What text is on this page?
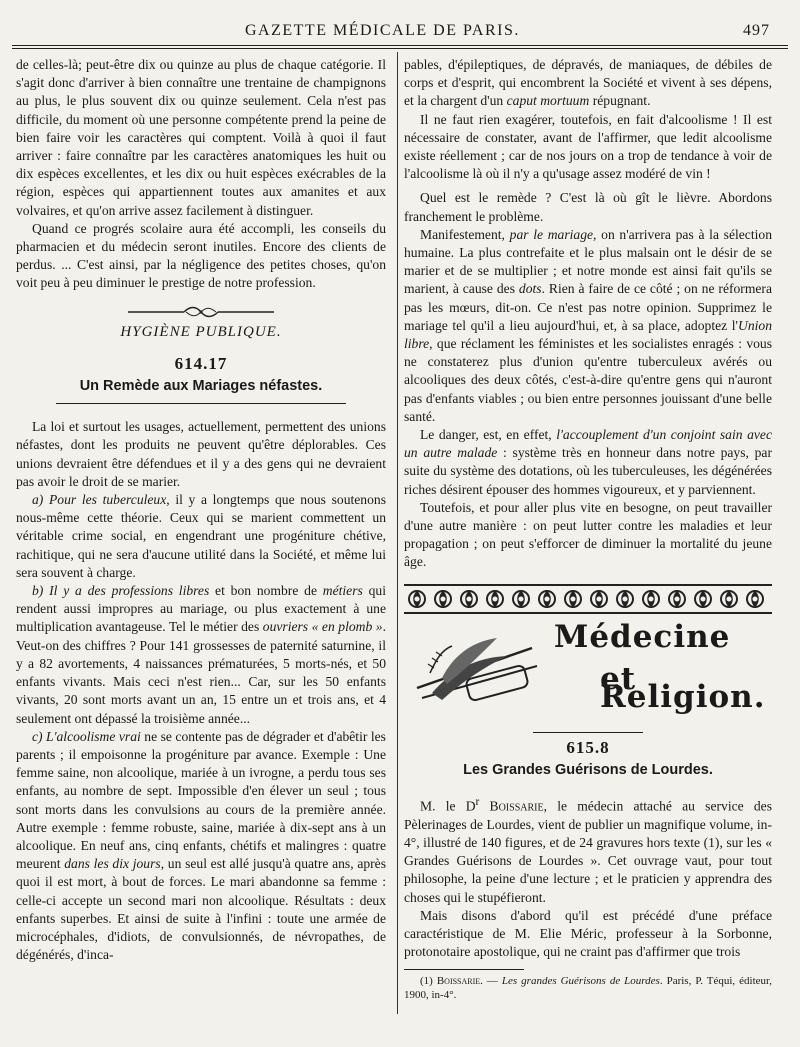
GAZETTE MÉDICALE DE PARIS.	497

de celles-là; peut-être dix ou quinze au plus de chaque catégorie. Il s'agit donc d'arriver à bien connaître une trentaine de champignons au plus, le plus souvent dix ou quinze seulement. Cela n'est pas difficile, du moment où une personne compétente prend la peine de bien faire voir les caractères qui comptent. Voilà à quoi il faut arriver : faire connaître par les caractères anatomiques les huit ou dix espèces excellentes, et les dix ou huit espèces exécrables de la région, espèces qui appartiennent toutes aux amanites et aux volvaires, et qu'on arrive assez facilement à distinguer.

Quand ce progrés scolaire aura été accompli, les conseils du pharmacien et du médecin seront inutiles. Encore des clients de perdus. ... C'est ainsi, par la négligence des petites choses, qu'on voit peu à peu diminuer le prestige de notre profession.

HYGIÈNE PUBLIQUE.
614.17
Un Remède aux Mariages néfastes.

La loi et surtout les usages, actuellement, permettent des unions néfastes, dont les produits ne peuvent qu'être déplorables. Ces unions devraient être défendues et il y a des gens qui ne devraient pas avoir le droit de se marier.

a) Pour les tuberculeux, il y a longtemps que nous soutenons nous-même cette théorie. Ceux qui se marient commettent un véritable crime social, en engendrant une progéniture chétive, rachitique, qui ne sera d'aucune utilité dans la Société, et même lui sera souvent à charge.

b) Il y a des professions libres et bon nombre de métiers qui rendent aussi impropres au mariage, ou plus exactement à une multiplication avantageuse. Tel le métier des ouvriers « en plomb ». Veut-on des chiffres ? Pour 141 grossesses de paternité saturnine, il y a 82 avortements, 4 naissances prématurées, 5 morts-nés, et 50 enfants vivants. Mais ceci n'est rien... Car, sur les 50 enfants vivants, 20 sont morts avant un an, 15 entre un et trois ans, et 4 seulement ont dépassé la troisième année...

c) L'alcoolisme vrai ne se contente pas de dégrader et d'abêtir les parents ; il empoisonne la progéniture par avance. Exemple : Une femme saine, non alcoolique, mariée à un ivrogne, a perdu tous ses enfants, au nombre de sept. Impossible d'en élever un seul ; tous sont morts dans les convulsions au cours de la première année. Autre exemple : femme robuste, saine, mariée à dix-sept ans à un alcoolique. En neuf ans, cinq enfants, chétifs et malingres : quatre meurent dans les dix jours, un seul est allé jusqu'à quatre ans, après quoi il est mort, à bout de forces. Le mari abandonne sa femme : celle-ci accepte un second mari non alcoolique. Résultats : deux enfants superbes. Et ainsi de suite à l'infini : toute une armée de microcéphales, d'idiots, de convulsionnés, de névropathes, de dégénérés, d'inca-

pables, d'épileptiques, de dépravés, de maniaques, de débiles de corps et d'esprit, qui encombrent la Société et vivent à ses dépens, et la chargent d'un caput mortuum répugnant.

Il ne faut rien exagérer, toutefois, en fait d'alcoolisme ! Il est nécessaire de constater, avant de l'affirmer, que ledit alcoolisme existe réellement ; car de nos jours on a trop de tendance à voir de l'alcoolisme là où il n'y a qu'usage assez modéré de vin !

Quel est le remède ? C'est là où gît le lièvre. Abordons franchement le problème.

Manifestement, par le mariage, on n'arrivera pas à la sélection humaine. La plus contrefaite et le plus malsain ont le désir de se marier et de se multiplier ; et notre monde est ainsi fait qu'ils se marient, à cause des dots. Rien à faire de ce côté ; on ne réformera pas les mœurs, dit-on. Ce n'est pas notre opinion. Supprimez le mariage tel qu'il a lieu aujourd'hui, et, à sa place, adoptez l'Union libre, que réclament les féministes et les socialistes enragés : vous ne constaterez plus d'union qu'entre tuberculeux avérés ou alcooliques des deux côtés, c'est-à-dire qu'entre gens qui n'auront pas d'enfants viables ; ou bien entre personnes jouissant d'une belle santé.

Le danger, est, en effet, l'accouplement d'un conjoint sain avec un autre malade : système très en honneur dans notre pays, par suite du système des dotations, où les tuberculeuses, les dégénérées riches désirent épouser des hommes vigoureux, et y parviennent.

Toutefois, et pour aller plus vite en besogne, on peut travailler d'une autre manière : on peut lutter contre les maladies et leur propagation ; on peut s'efforcer de diminuer la mortalité du jeune âge.

Médecine
et Religion.
615.8
Les Grandes Guérisons de Lourdes.

M. le $D^r$ Boissarie, le médecin attaché au service des Pèlerinages de Lourdes, vient de publier un magnifique volume, in-4°, illustré de 140 figures, et de 24 gravures hors texte (1), sur les « Grandes Guérisons de Lourdes ». Cet ouvrage vaut, pour tout philosophe, la peine d'une lecture ; et le praticien y apprendra des choses qui le stupéfieront.

Mais disons d'abord qu'il est précédé d'une préface caractéristique de M. Elie Méric, professeur à la Sorbonne, protonotaire apostolique, qui ne craint pas d'affirmer que trois

(1) Boissarie. — Les grandes Guérisons de Lourdes. Paris, P. Téqui, éditeur, 1900, in-4°.
